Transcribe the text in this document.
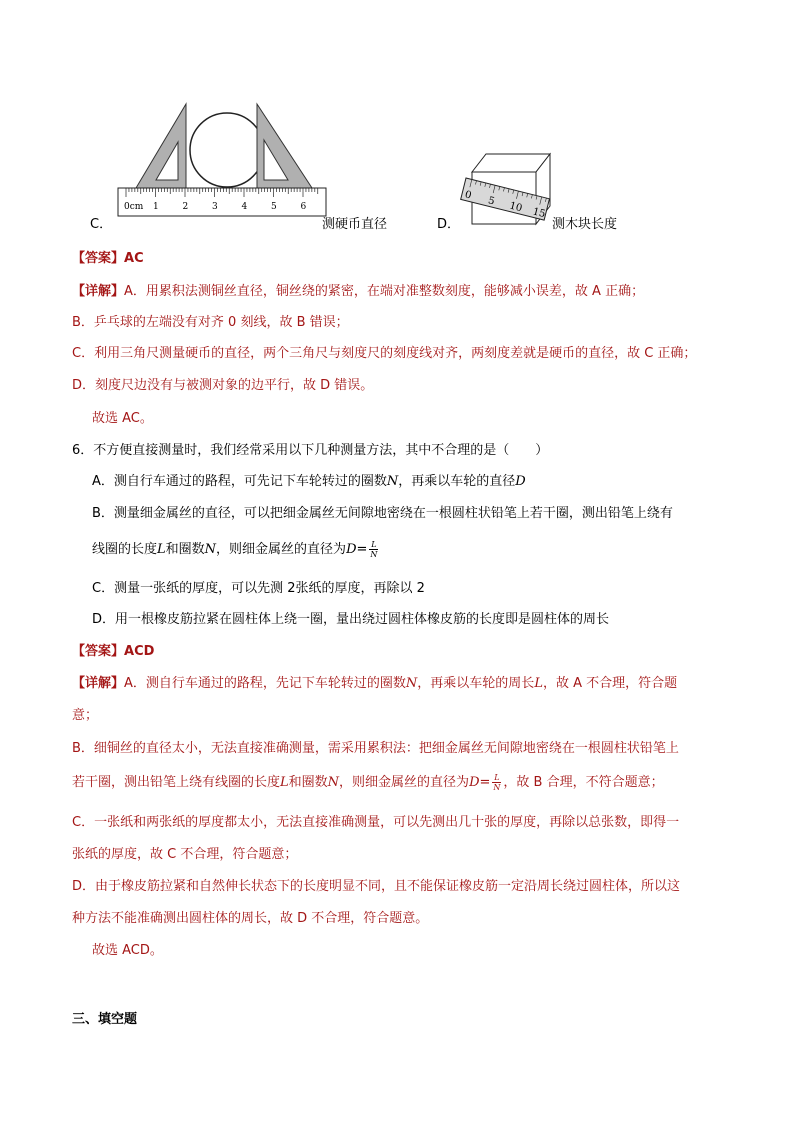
0cm 1	2	3	4	5	6
C．	测硬币直径
0 5 10 15
D．	测木块长度
【答案】 AC
【详解】A．用累积法测铜丝直径，铜丝绕的紧密，在端对准整数刻度，能够减小误差，故 A 正确；
B．乒乓球的左端没有对齐 0 刻线，故 B 错误；
C．利用三角尺测量硬币的直径，两个三角尺与刻度尺的刻度线对齐，两刻度差就是硬币的直径，故 C 正确；
D．刻度尺边没有与被测对象的边平行，故 D 错误。
故选 AC。
6．不方便直接测量时，我们经常采用以下几种测量方法，其中不合理的是（　　）
A．测自行车通过的路程，可先记下车轮转过的圈数 N ，再乘以车轮的直径 D
B．测量细金属丝的直径，可以把细金属丝无间隙地密绕在一根圆柱状铅笔上若干圈，测出铅笔上绕有
线圈的长度 L 和圈数 N ，则细金属丝的直径为 $D = \frac{L}{N}$
C．测量一张纸的厚度，可以先测 2张纸的厚度，再除以 2
D．用一根橡皮筋拉紧在圆柱体上绕一圈，量出绕过圆柱体橡皮筋的长度即是圆柱体的周长
【答案】 ACD
【详解】 A．测自行车通过的路程，先记下车轮转过的圈数 N ，再乘以车轮的周长 L ，故 A 不合理，符合题
意；
B．细铜丝的直径太小，无法直接准确测量，需采用累积法：把细金属丝无间隙地密绕在一根圆柱状铅笔上
若干圈，测出铅笔上绕有线圈的长度 L 和圈数 N ，则细金属丝的直径为 $D = \frac{L}{N}$ ，故 B 合理，不符合题意；
C．一张纸和两张纸的厚度都太小，无法直接准确测量，可以先测出几十张的厚度，再除以总张数，即得一
张纸的厚度，故 C 不合理，符合题意；
D．由于橡皮筋拉紧和自然伸长状态下的长度明显不同，且不能保证橡皮筋一定沿周长绕过圆柱体，所以这
种方法不能准确测出圆柱体的周长，故 D 不合理，符合题意。
故选 ACD。
三、填空题
